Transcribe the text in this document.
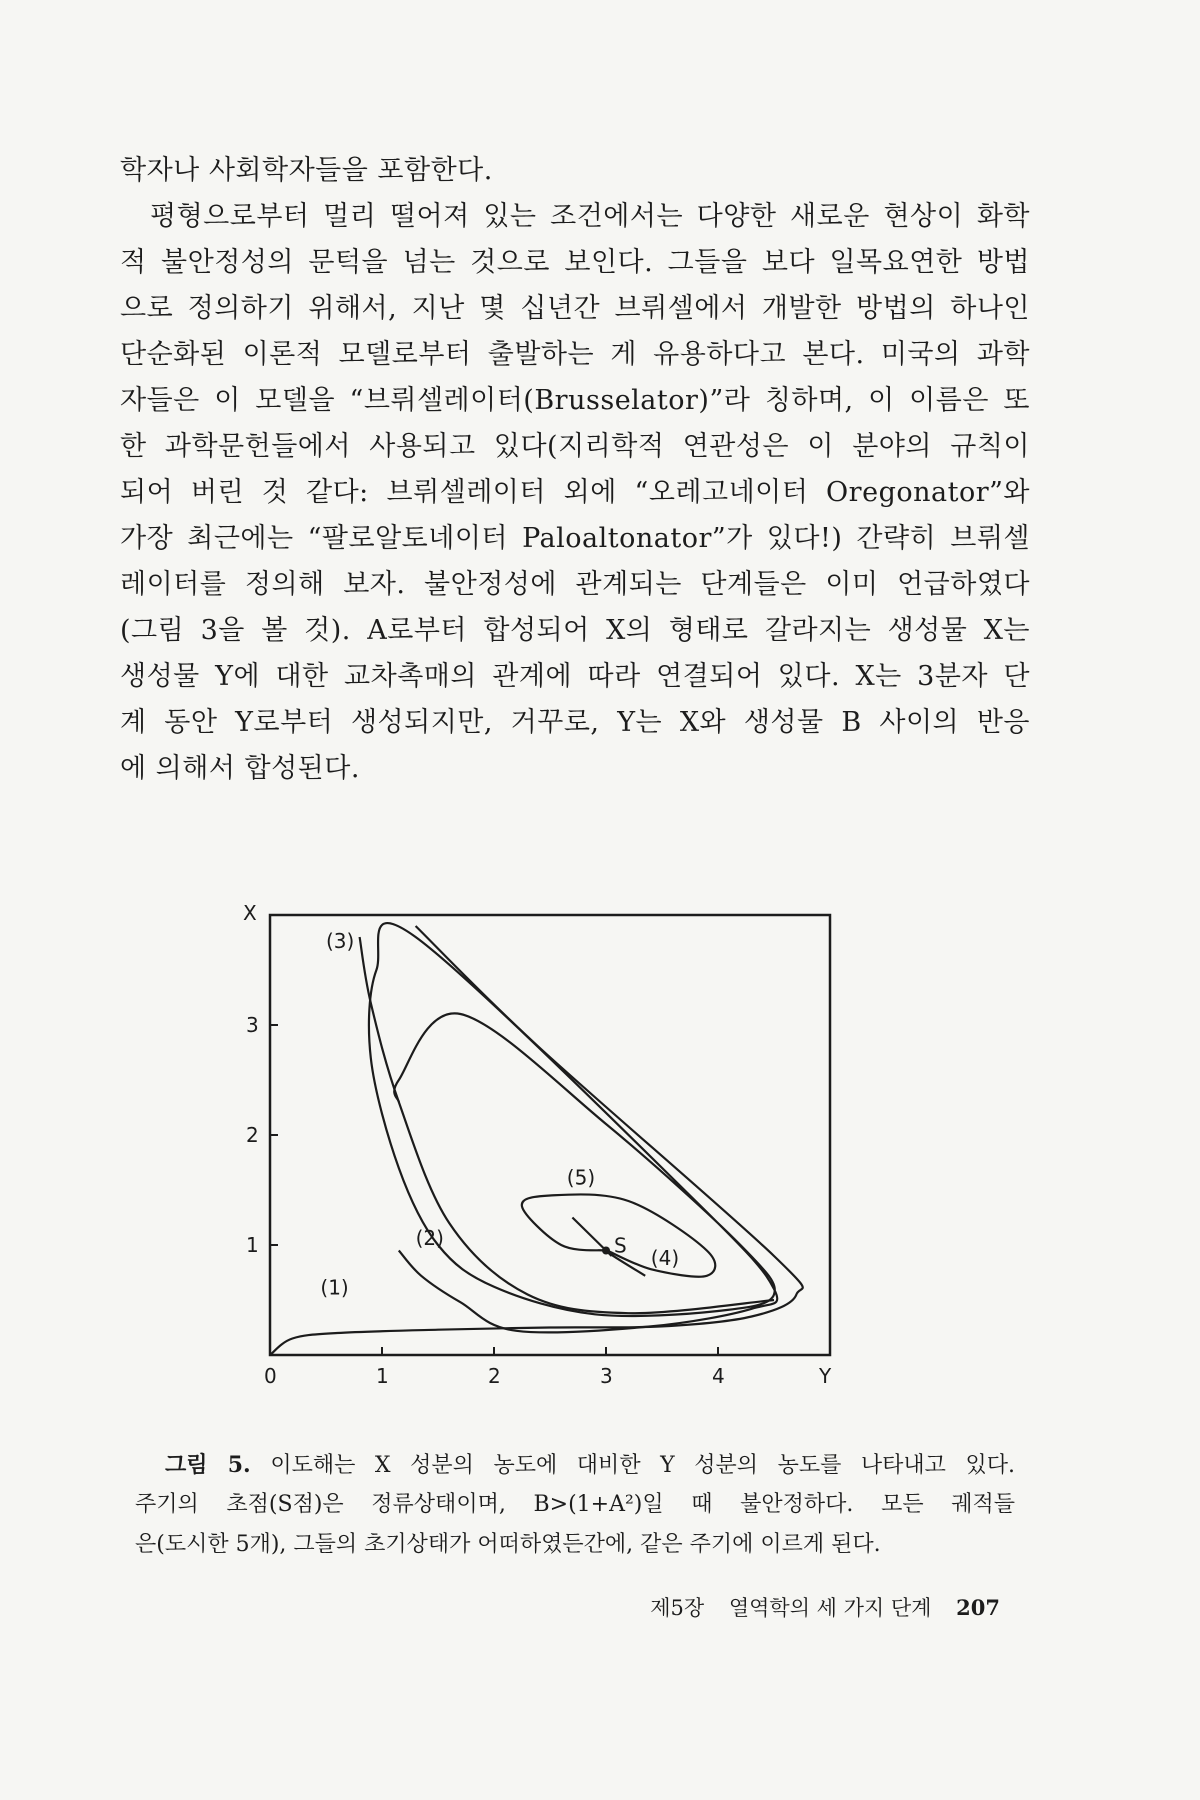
학자나 사회학자들을 포함한다.
평형으로부터 멀리 떨어져 있는 조건에서는 다양한 새로운 현상이 화학
적 불안정성의 문턱을 넘는 것으로 보인다. 그들을 보다 일목요연한 방법
으로 정의하기 위해서, 지난 몇 십년간 브뤼셀에서 개발한 방법의 하나인
단순화된 이론적 모델로부터 출발하는 게 유용하다고 본다. 미국의 과학
자들은 이 모델을 “브뤼셀레이터(Brusselator)”라 칭하며, 이 이름은 또
한 과학문헌들에서 사용되고 있다(지리학적 연관성은 이 분야의 규칙이
되어 버린 것 같다: 브뤼셀레이터 외에 “오레고네이터 Oregonator”와
가장 최근에는 “팔로알토네이터 Paloaltonator”가 있다!) 간략히 브뤼셀
레이터를 정의해 보자. 불안정성에 관계되는 단계들은 이미 언급하였다
(그림 3을 볼 것). A로부터 합성되어 X의 형태로 갈라지는 생성물 X는
생성물 Y에 대한 교차촉매의 관계에 따라 연결되어 있다. X는 3분자 단
계 동안 Y로부터 생성되지만, 거꾸로, Y는 X와 생성물 B 사이의 반응
에 의해서 합성된다.
X
Y
0	1	2	3	4
1
2
3
(1)
(2)
(3)
(4)
(5)
S
그림 5. 이도해는 X 성분의 농도에 대비한 Y 성분의 농도를 나타내고 있다.
주기의 초점(S점)은 정류상태이며, B>(1+A²)일 때 불안정하다. 모든 궤적들
은(도시한 5개), 그들의 초기상태가 어떠하였든간에, 같은 주기에 이르게 된다.
제5장 열역학의 세 가지 단계 207
